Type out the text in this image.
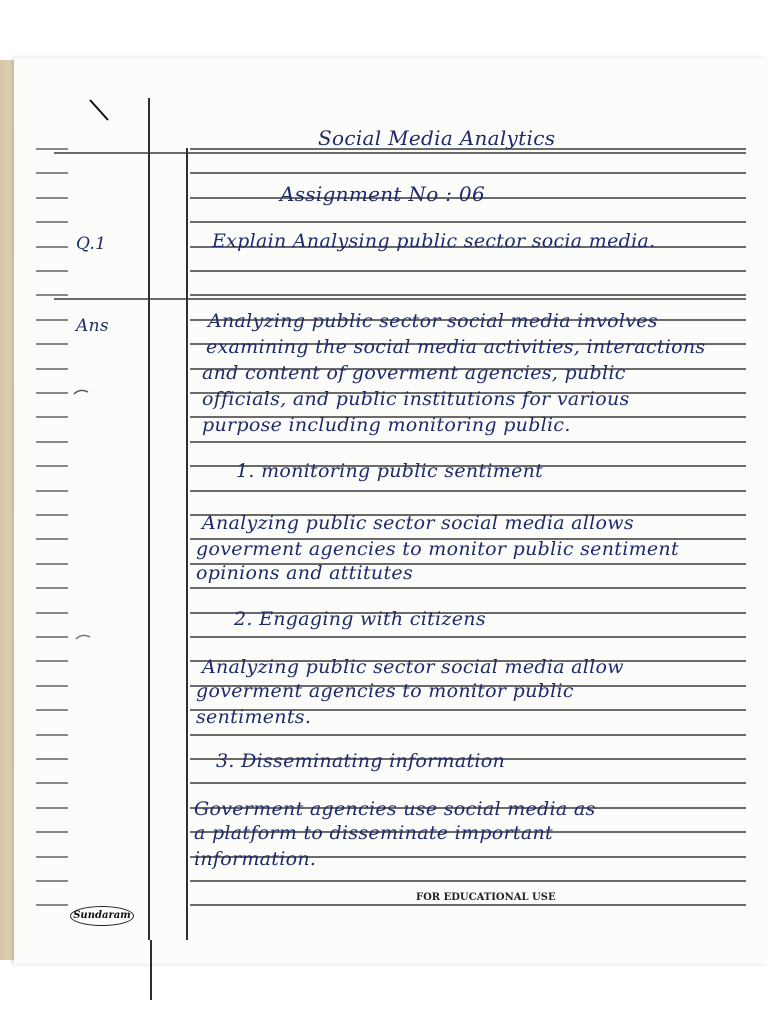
Social Media Analytics
Assignment No : 06
Q.1	Explain Analysing public sector socia media.
Ans	Analyzing public sector social media involves
examining the social media activities, interactions
and content of goverment agencies, public
officials, and public institutions for various
purpose including monitoring public.
1. monitoring public sentiment
Analyzing public sector social media allows
goverment agencies to monitor public sentiment
opinions and attitutes
2. Engaging with citizens
Analyzing public sector social media allow
goverment agencies to monitor public
sentiments.
3. Disseminating information
Goverment agencies use social media as
a platform to disseminate important
information.
FOR EDUCATIONAL USE
Sundaram
